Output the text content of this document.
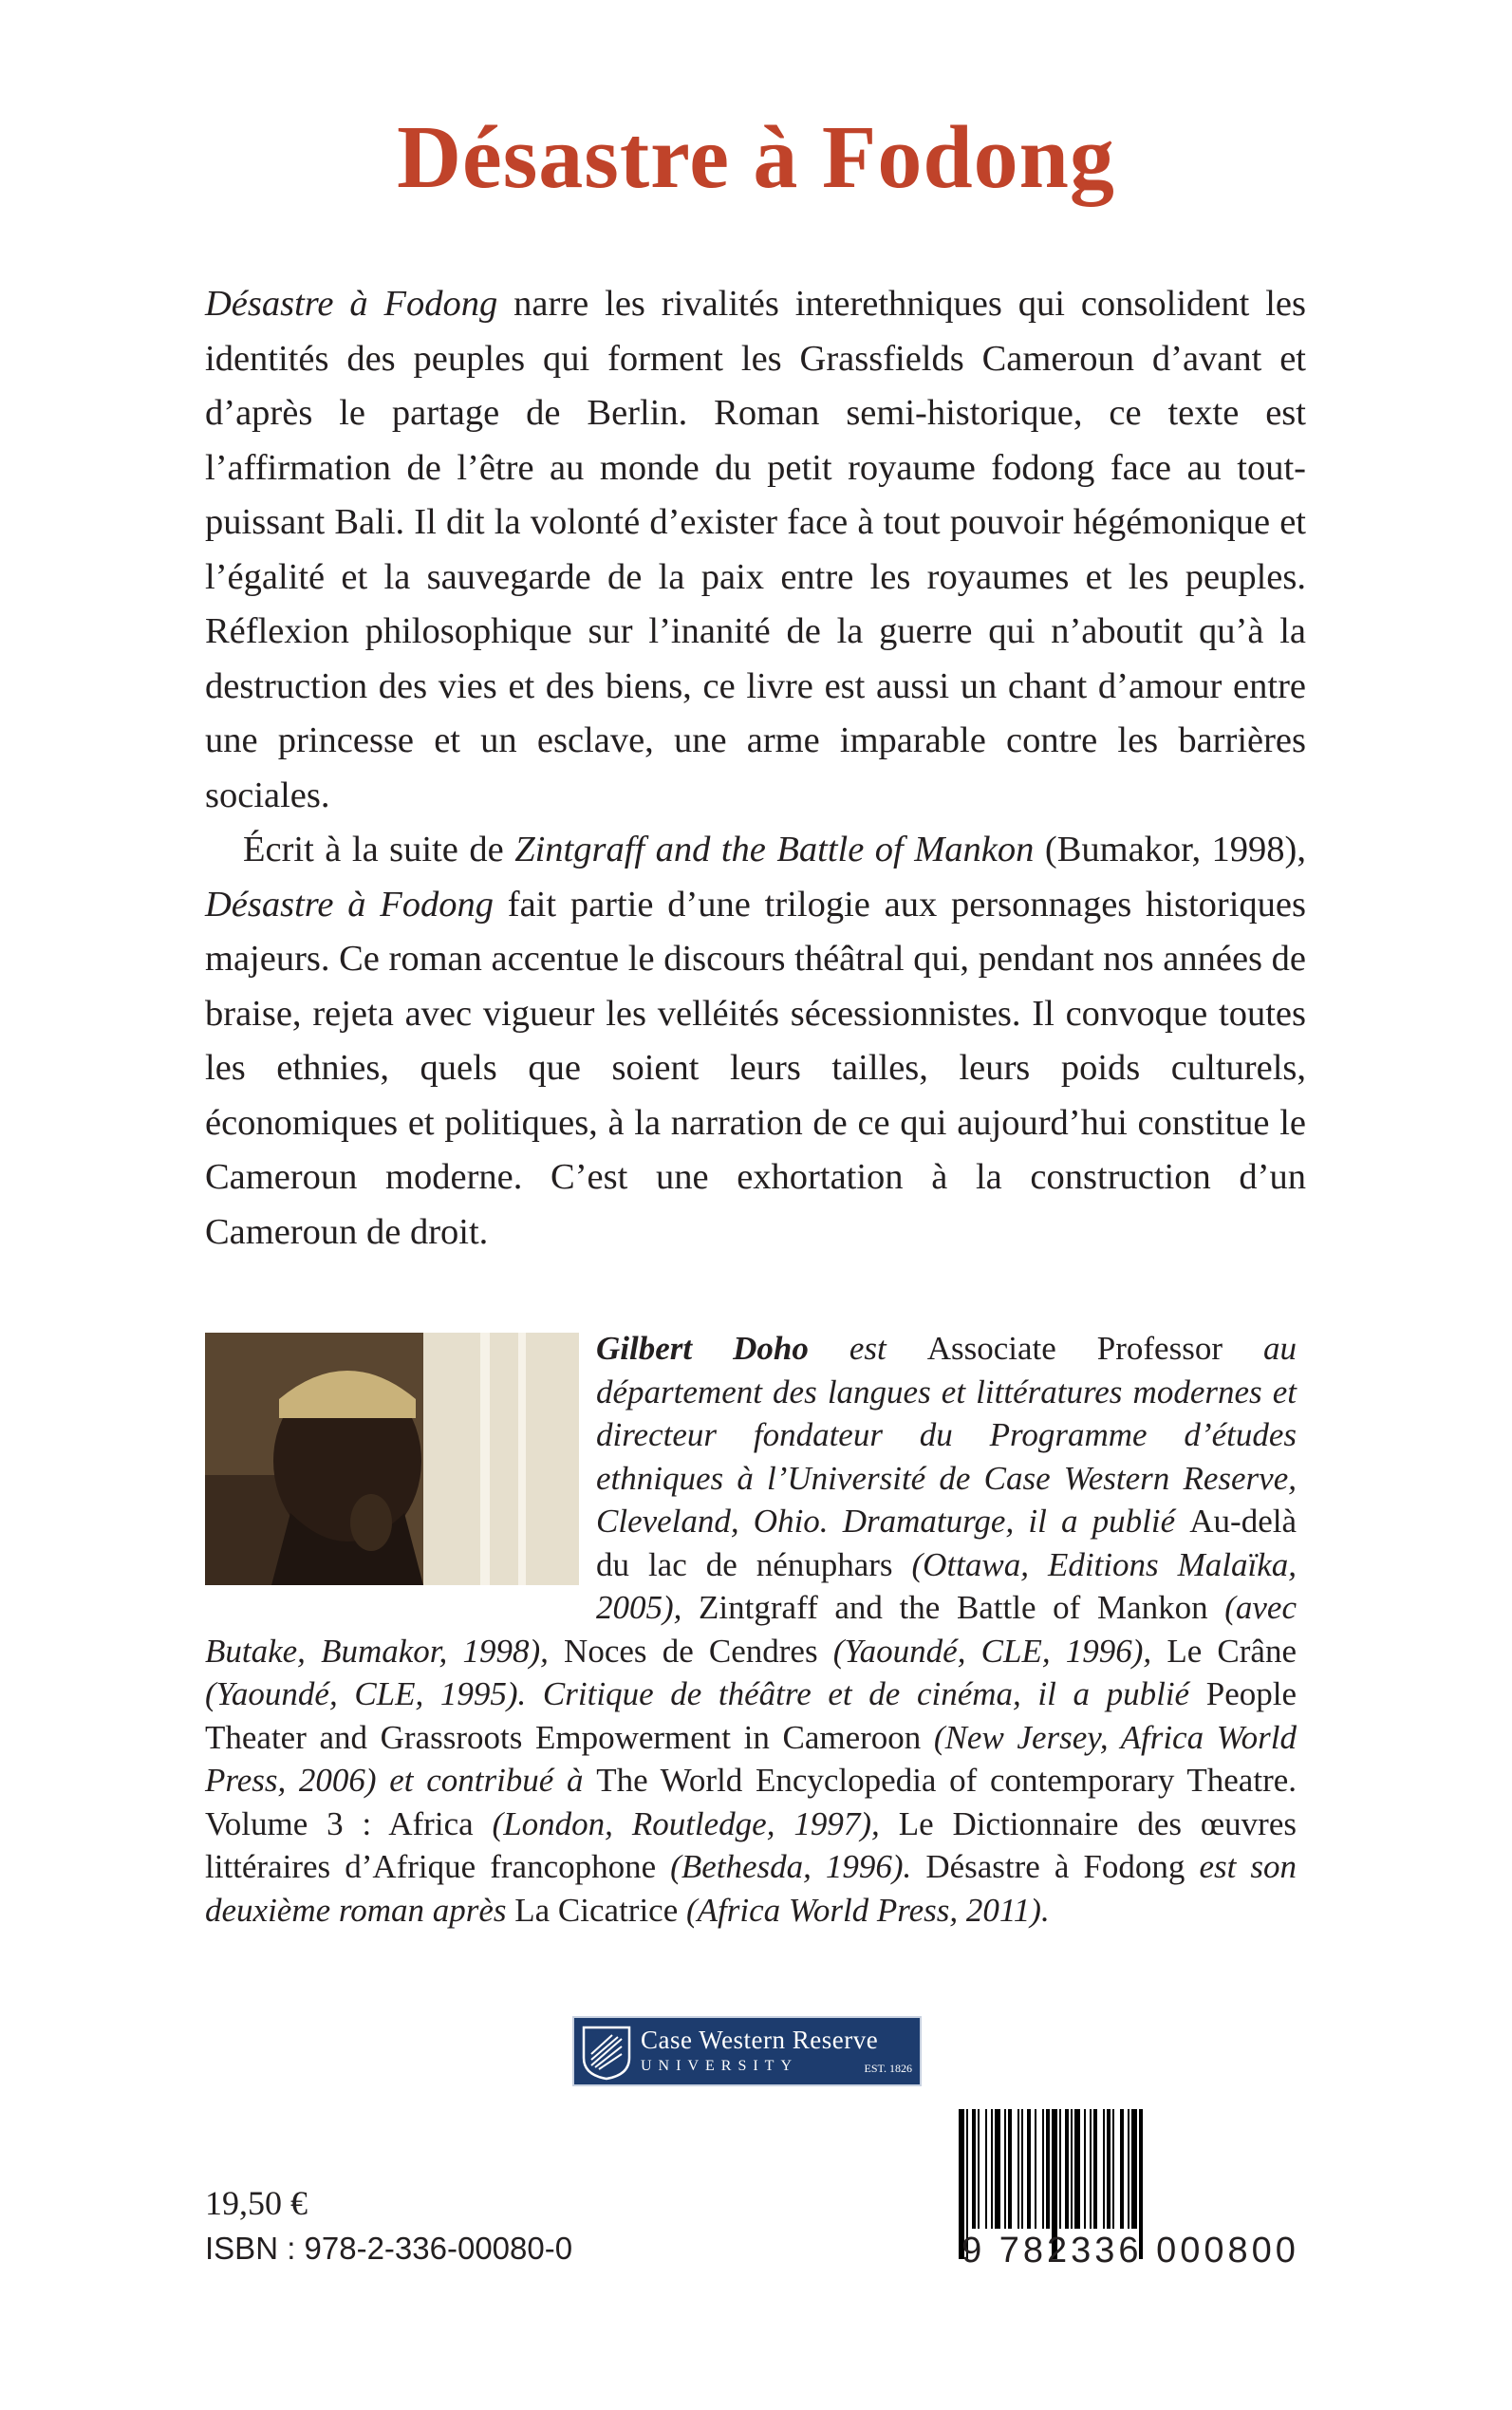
Désastre à Fodong

Désastre à Fodong narre les rivalités interethniques qui consolident les identités des peuples qui forment les Grassfields Cameroun d’avant et d’après le partage de Berlin. Roman semi-historique, ce texte est l’affirmation de l’être au monde du petit royaume fodong face au tout-puissant Bali. Il dit la volonté d’exister face à tout pouvoir hégémonique et l’égalité et la sauvegarde de la paix entre les royaumes et les peuples. Réflexion philosophique sur l’inanité de la guerre qui n’aboutit qu’à la destruction des vies et des biens, ce livre est aussi un chant d’amour entre une princesse et un esclave, une arme imparable contre les barrières sociales.

Écrit à la suite de Zintgraff and the Battle of Mankon (Bumakor, 1998), Désastre à Fodong fait partie d’une trilogie aux personnages historiques majeurs. Ce roman accentue le discours théâtral qui, pendant nos années de braise, rejeta avec vigueur les velléités sécessionnistes. Il convoque toutes les ethnies, quels que soient leurs tailles, leurs poids culturels, économiques et politiques, à la narration de ce qui aujourd’hui constitue le Cameroun moderne. C’est une exhortation à la construction d’un Cameroun de droit.

Gilbert Doho est Associate Professor au département des langues et littératures modernes et directeur fondateur du Programme d’études ethniques à l’Université de Case Western Reserve, Cleveland, Ohio. Dramaturge, il a publié Au-delà du lac de nénuphars (Ottawa, Editions Malaïka, 2005), Zintgraff and the Battle of Mankon (avec Butake, Bumakor, 1998), Noces de Cendres (Yaoundé, CLE, 1996), Le Crâne (Yaoundé, CLE, 1995). Critique de théâtre et de cinéma, il a publié People Theater and Grassroots Empowerment in Cameroon (New Jersey, Africa World Press, 2006) et contribué à The World Encyclopedia of contemporary Theatre. Volume 3 : Africa (London, Routledge, 1997), Le Dictionnaire des œuvres littéraires d’Afrique francophone (Bethesda, 1996). Désastre à Fodong est son deuxième roman après La Cicatrice (Africa World Press, 2011).
Case Western Reserve
UNIVERSITY	EST. 1826
19,50 €
ISBN : 978-2-336-00080-0	9 782336 000800
